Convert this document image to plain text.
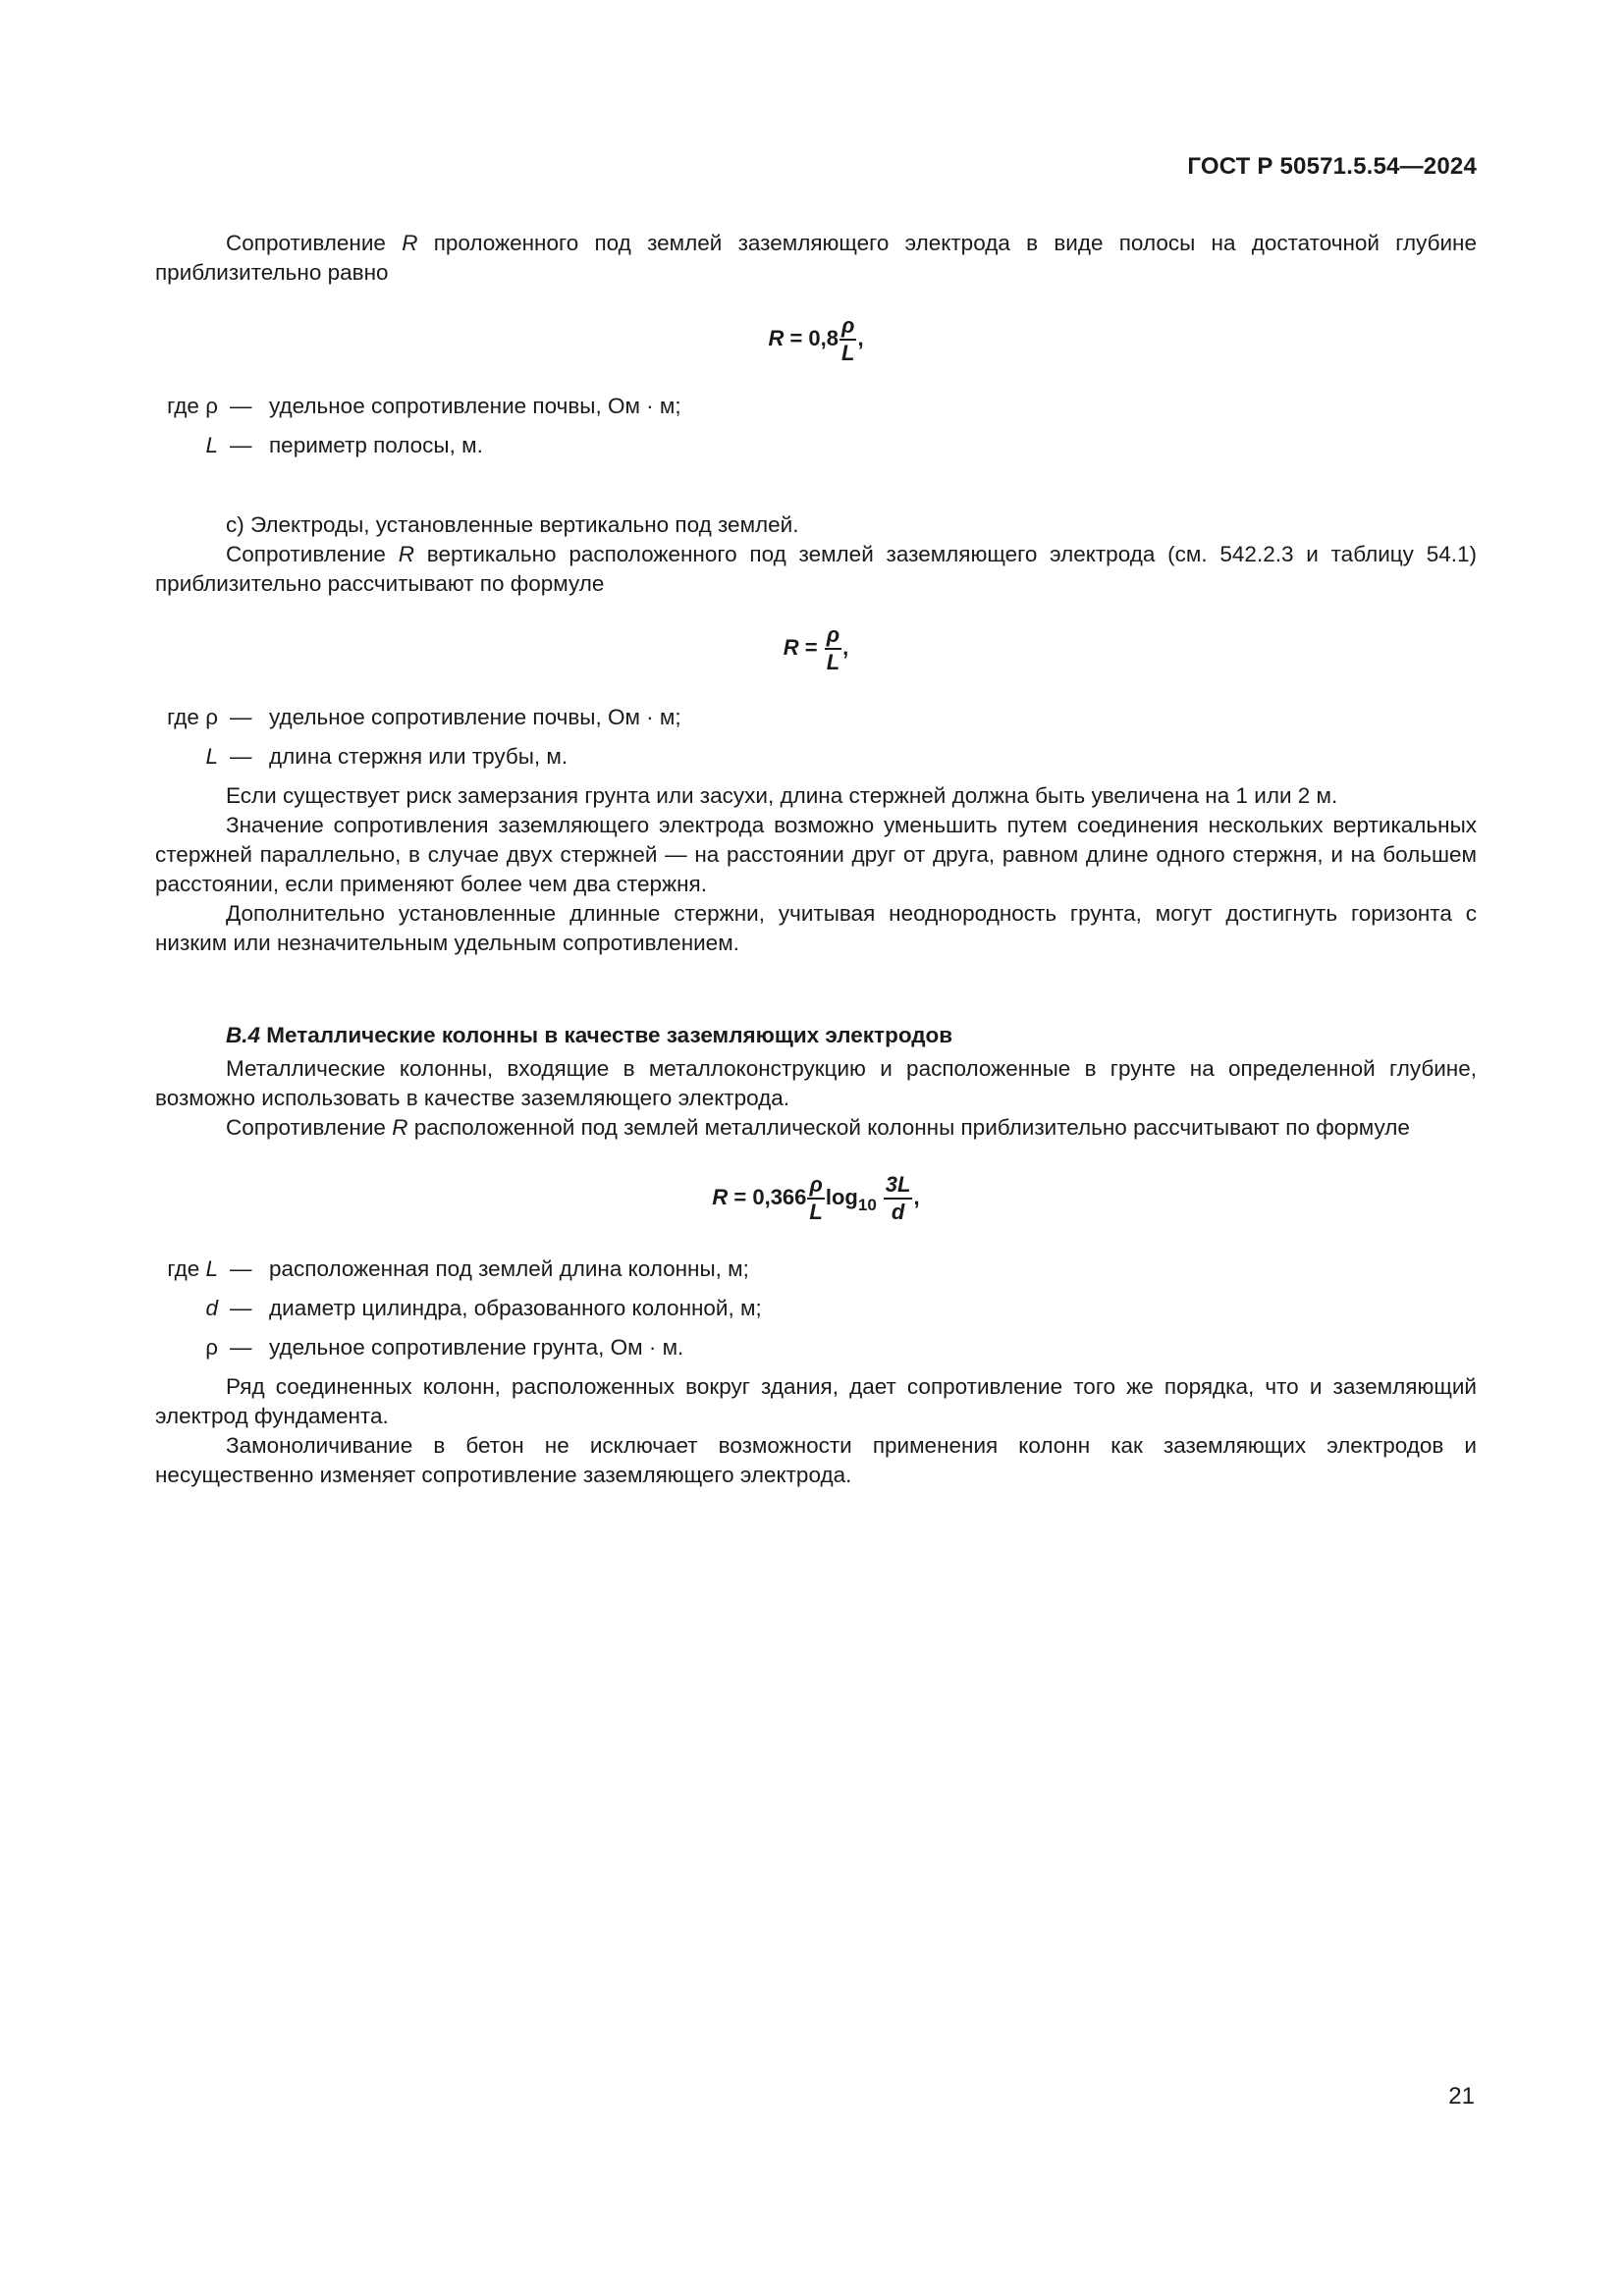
ГОСТ Р 50571.5.54—2024

Сопротивление R проложенного под землей заземляющего электрода в виде полосы на достаточной глубине приблизительно равно

$R = 0,8 \frac{\rho}{L}$ ,
где ρ — удельное сопротивление почвы, Ом · м;
L — периметр полосы, м.

c) Электроды, установленные вертикально под землей.

Сопротивление R вертикально расположенного под землей заземляющего электрода (см. 542.2.3 и таблицу 54.1) приблизительно рассчитывают по формуле

$R = \frac{\rho}{L}$ ,
где ρ — удельное сопротивление почвы, Ом · м;
L — длина стержня или трубы, м.

Если существует риск замерзания грунта или засухи, длина стержней должна быть увеличена на 1 или 2 м.

Значение сопротивления заземляющего электрода возможно уменьшить путем соединения нескольких вертикальных стержней параллельно, в случае двух стержней — на расстоянии друг от друга, равном длине одного стержня, и на большем расстоянии, если применяют более чем два стержня.

Дополнительно установленные длинные стержни, учитывая неоднородность грунта, могут достигнуть горизонта с низким или незначительным удельным сопротивлением.

B.4 Металлические колонны в качестве заземляющих электродов

Металлические колонны, входящие в металлоконструкцию и расположенные в грунте на определенной глубине, возможно использовать в качестве заземляющего электрода.

Сопротивление R расположенной под землей металлической колонны приблизительно рассчитывают по формуле

$R = 0,366 \frac{\rho}{L} \log_{10} \frac{3L}{d}$ ,
где L — расположенная под землей длина колонны, м;
d — диаметр цилиндра, образованного колонной, м;
ρ — удельное сопротивление грунта, Ом · м.

Ряд соединенных колонн, расположенных вокруг здания, дает сопротивление того же порядка, что и заземляющий электрод фундамента.

Замоноличивание в бетон не исключает возможности применения колонн как заземляющих электродов и несущественно изменяет сопротивление заземляющего электрода.

21
